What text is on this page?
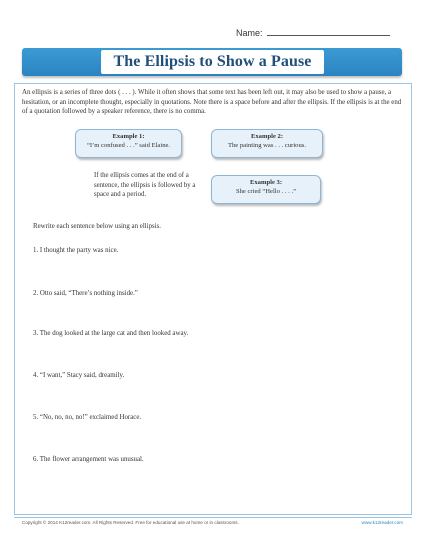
Name:
The Ellipsis to Show a Pause
An ellipsis is a series of three dots ( . . . ). While it often shows that some text has been left out, it may also be used to show a pause, a hesitation, or an incomplete thought, especially in quotations. Note there is a space before and after the ellipsis. If the ellipsis is at the end of a quotation followed by a speaker reference, there is no comma.
Example 1:
“I’m confused . . .” said Elaine.
Example 2:
The painting was . . . curious.
Example 3:
She cried “Hello . . . .”
If the ellipsis comes at the end of a sentence, the ellipsis is followed by a space and a period.
Rewrite each sentence below using an ellipsis.
1. I thought the party was nice.
2. Otto said, “There’s nothing inside.”
3. The dog looked at the large cat and then looked away.
4. “I want,” Stacy said, dreamily.
5. “No, no, no, no!” exclaimed Horace.
6. The flower arrangement was unusual.
Copyright © 2014 K12reader.com. All Rights Reserved. Free for educational use at home or in classrooms.	www.k12reader.com
